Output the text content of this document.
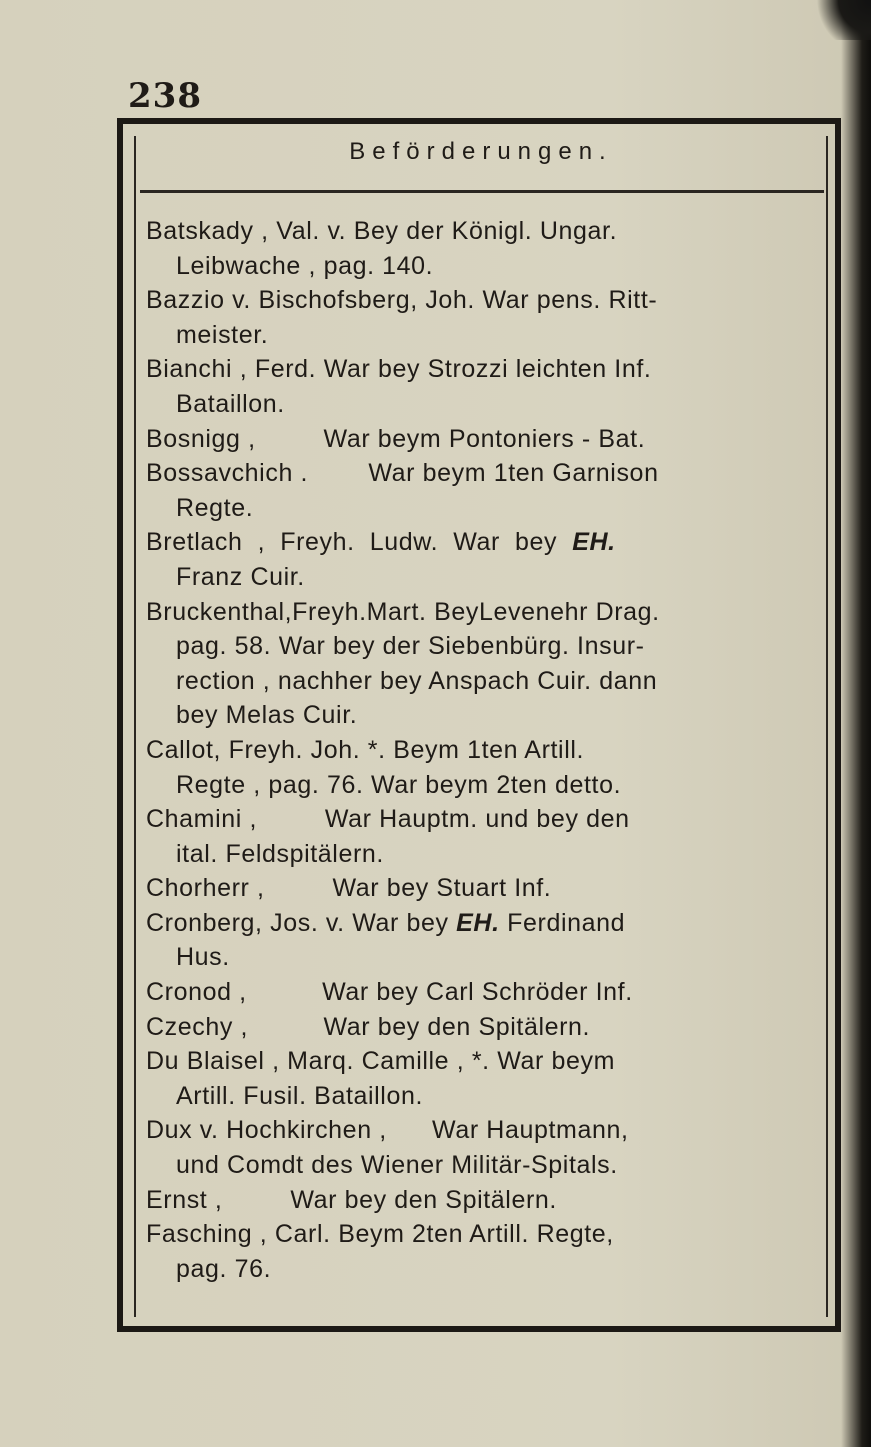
238
Beförderungen.
Batskady , Val. v. Bey der Königl. Ungar.
Leibwache , pag. 140.
Bazzio v. Bischofsberg, Joh. War pens. Ritt-
meister.
Bianchi , Ferd. War bey Strozzi leichten Inf.
Bataillon.
Bosnigg ,         War beym Pontoniers - Bat.
Bossavchich .        War beym 1ten Garnison
Regte.
Bretlach  ,  Freyh.  Ludw.  War  bey  EH.
Franz Cuir.
Bruckenthal,Freyh.Mart. BeyLevenehr Drag.
pag. 58. War bey der Siebenbürg. Insur-
rection , nachher bey Anspach Cuir. dann
bey Melas Cuir.
Callot, Freyh. Joh. *. Beym 1ten Artill.
Regte , pag. 76. War beym 2ten detto.
Chamini ,         War Hauptm. und bey den
ital. Feldspitälern.
Chorherr ,         War bey Stuart Inf.
Cronberg, Jos. v. War bey EH. Ferdinand
Hus.
Cronod ,          War bey Carl Schröder Inf.
Czechy ,          War bey den Spitälern.
Du Blaisel , Marq. Camille , *. War beym
Artill. Fusil. Bataillon.
Dux v. Hochkirchen ,      War Hauptmann,
und Comdt des Wiener Militär-Spitals.
Ernst ,         War bey den Spitälern.
Fasching , Carl. Beym 2ten Artill. Regte,
pag. 76.
